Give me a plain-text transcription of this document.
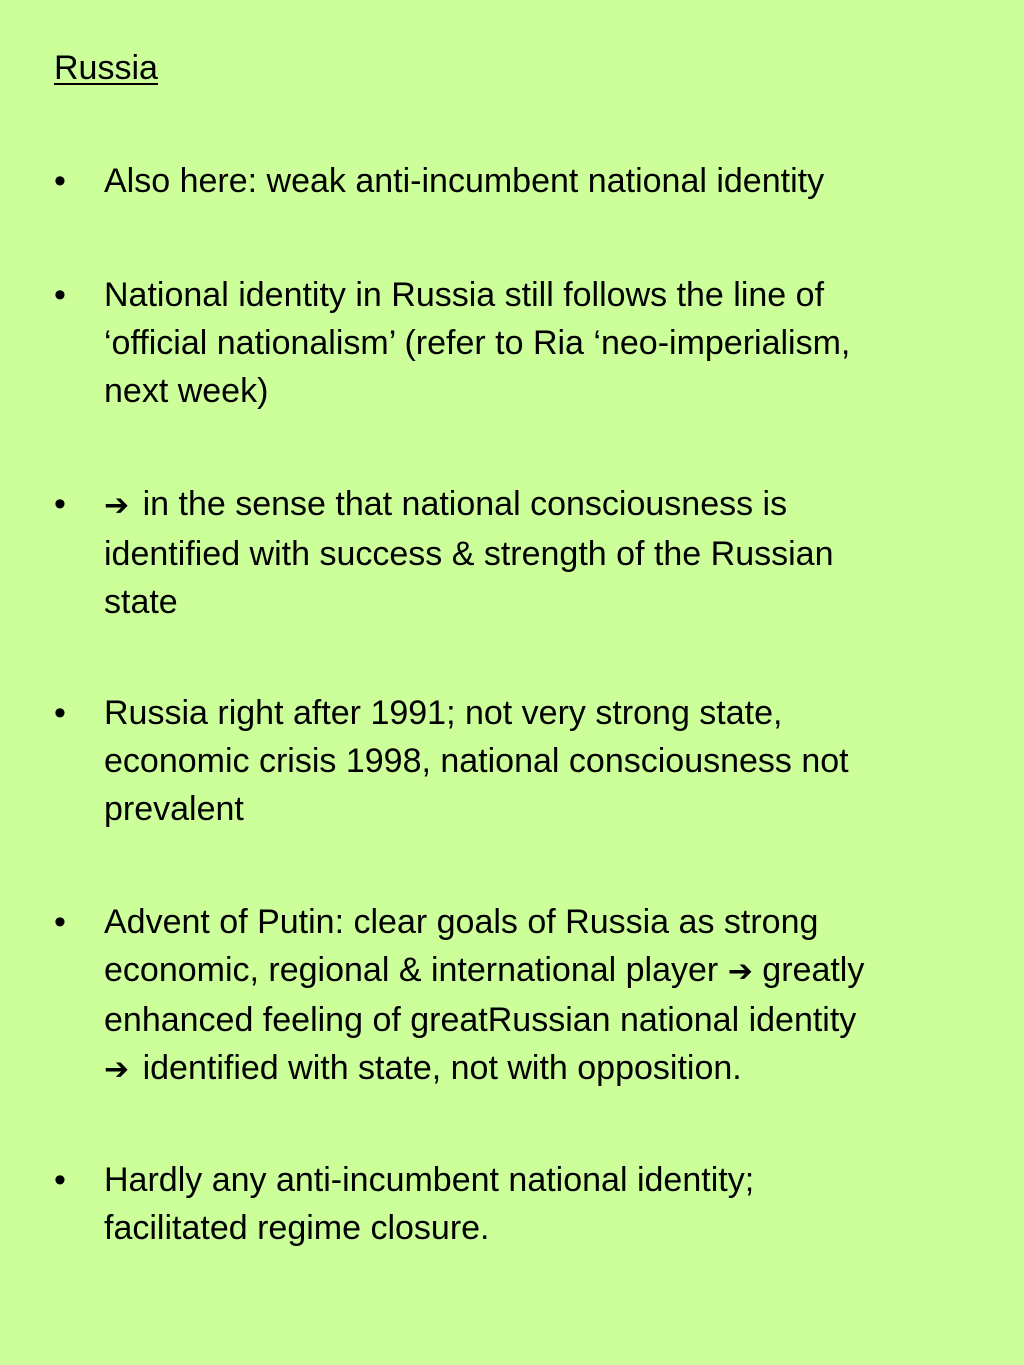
Russia
• Also here: weak anti-incumbent national identity
• National identity in Russia still follows the line of
‘official nationalism’ (refer to Ria ‘neo-imperialism,
next week)
• ➔ in the sense that national consciousness is
identified with success & strength of the Russian
state
• Russia right after 1991; not very strong state,
economic crisis 1998, national consciousness not
prevalent
• Advent of Putin: clear goals of Russia as strong
economic, regional & international player ➔ greatly
enhanced feeling of greatRussian national identity
➔ identified with state, not with opposition.
• Hardly any anti-incumbent national identity;
facilitated regime closure.
